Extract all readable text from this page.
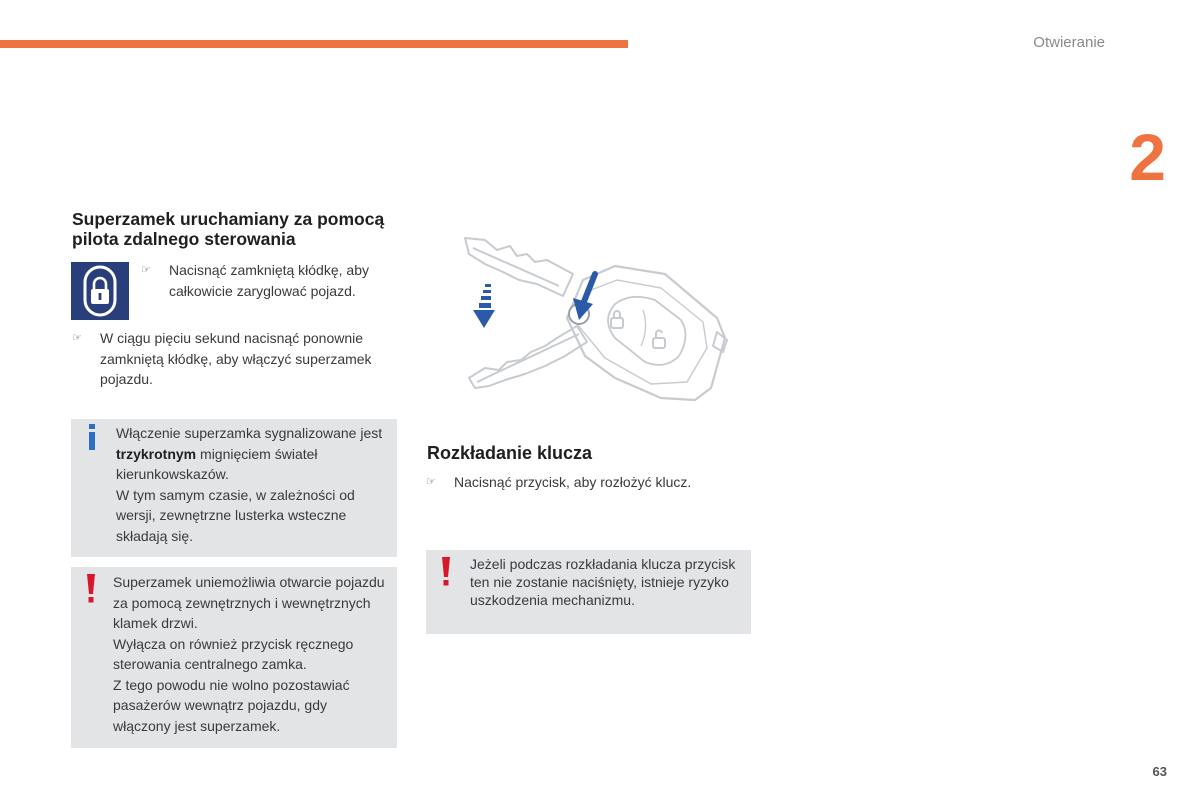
Otwieranie
2
Superzamek uruchamiany za pomocą pilota zdalnego sterowania
☞ Nacisnąć zamkniętą kłódkę, aby całkowicie zaryglować pojazd.
☞ W ciągu pięciu sekund nacisnąć ponownie zamkniętą kłódkę, aby włączyć superzamek pojazdu.
Włączenie superzamka sygnalizowane jest trzykrotnym mignięciem świateł kierunkowskazów.
W tym samym czasie, w zależności od wersji, zewnętrzne lusterka wsteczne składają się.
Superzamek uniemożliwia otwarcie pojazdu za pomocą zewnętrznych i wewnętrznych klamek drzwi.
Wyłącza on również przycisk ręcznego sterowania centralnego zamka.
Z tego powodu nie wolno pozostawiać pasażerów wewnątrz pojazdu, gdy włączony jest superzamek.
Rozkładanie klucza
☞ Nacisnąć przycisk, aby rozłożyć klucz.
Jeżeli podczas rozkładania klucza przycisk ten nie zostanie naciśnięty, istnieje ryzyko uszkodzenia mechanizmu.
63
